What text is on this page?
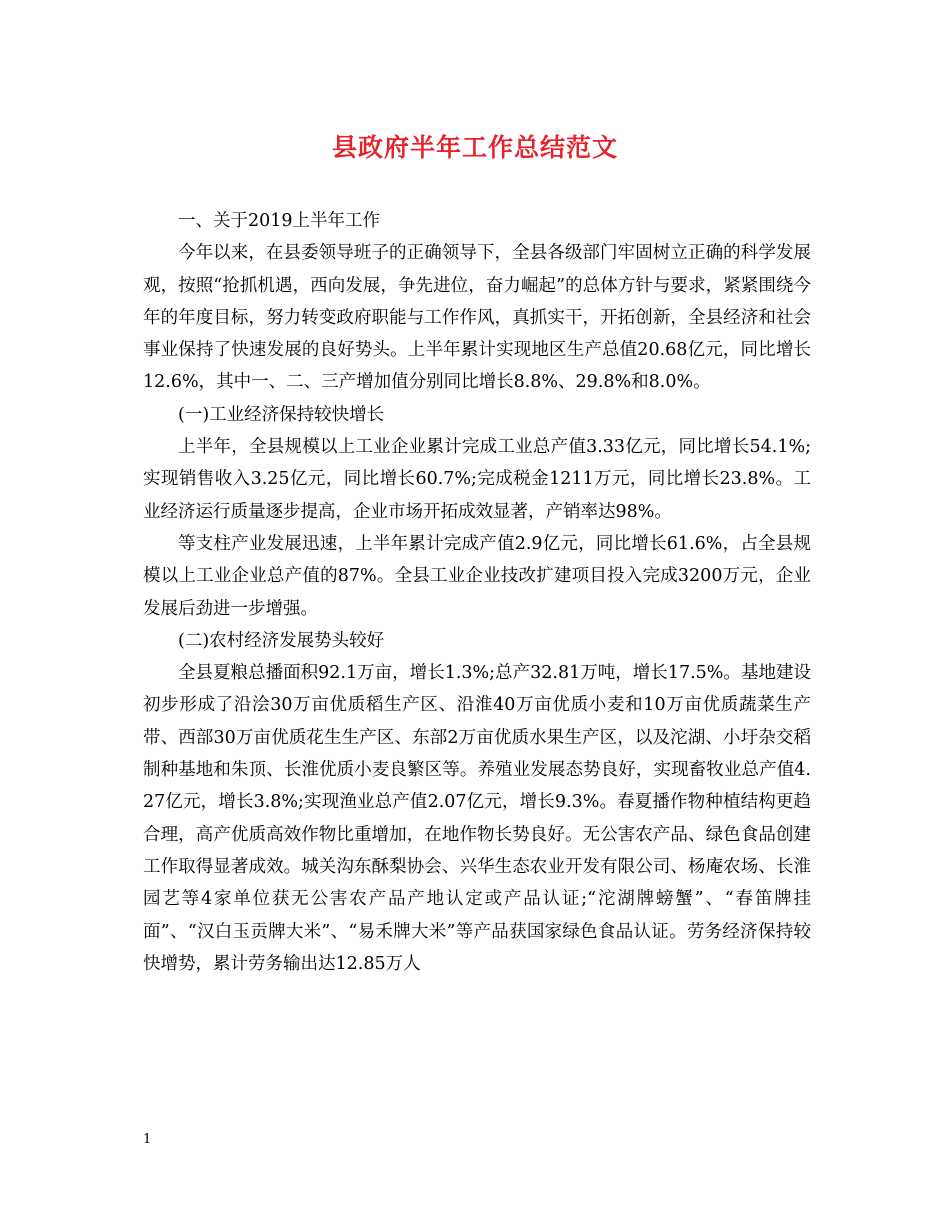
县政府半年工作总结范文

一、关于2019上半年工作

今年以来，在县委领导班子的正确领导下，全县各级部门牢固树立正确的科学发展观，按照“抢抓机遇，西向发展，争先进位，奋力崛起”的总体方针与要求，紧紧围绕今年的年度目标，努力转变政府职能与工作作风，真抓实干，开拓创新，全县经济和社会事业保持了快速发展的良好势头。上半年累计实现地区生产总值20.68亿元，同比增长12.6%，其中一、二、三产增加值分别同比增长8.8%、29.8%和8.0%。

(一)工业经济保持较快增长

上半年，全县规模以上工业企业累计完成工业总产值3.33亿元，同比增长54.1%;实现销售收入3.25亿元，同比增长60.7%;完成税金1211万元，同比增长23.8%。工业经济运行质量逐步提高，企业市场开拓成效显著，产销率达98%。

等支柱产业发展迅速，上半年累计完成产值2.9亿元，同比增长61.6%，占全县规模以上工业企业总产值的87%。全县工业企业技改扩建项目投入完成3200万元，企业发展后劲进一步增强。

(二)农村经济发展势头较好

全县夏粮总播面积92.1万亩，增长1.3%;总产32.81万吨，增长17.5%。基地建设初步形成了沿浍30万亩优质稻生产区、沿淮40万亩优质小麦和10万亩优质蔬菜生产带、西部30万亩优质花生生产区、东部2万亩优质水果生产区，以及沱湖、小圩杂交稻制种基地和朱顶、长淮优质小麦良繁区等。养殖业发展态势良好，实现畜牧业总产值4.27亿元，增长3.8%;实现渔业总产值2.07亿元，增长9.3%。春夏播作物种植结构更趋合理，高产优质高效作物比重增加，在地作物长势良好。无公害农产品、绿色食品创建工作取得显著成效。城关沟东酥梨协会、兴华生态农业开发有限公司、杨庵农场、长淮园艺等4家单位获无公害农产品产地认定或产品认证;“沱湖牌螃蟹”、“春笛牌挂面”、“汉白玉贡牌大米”、“易禾牌大米”等产品获国家绿色食品认证。劳务经济保持较快增势，累计劳务输出达12.85万人

1
